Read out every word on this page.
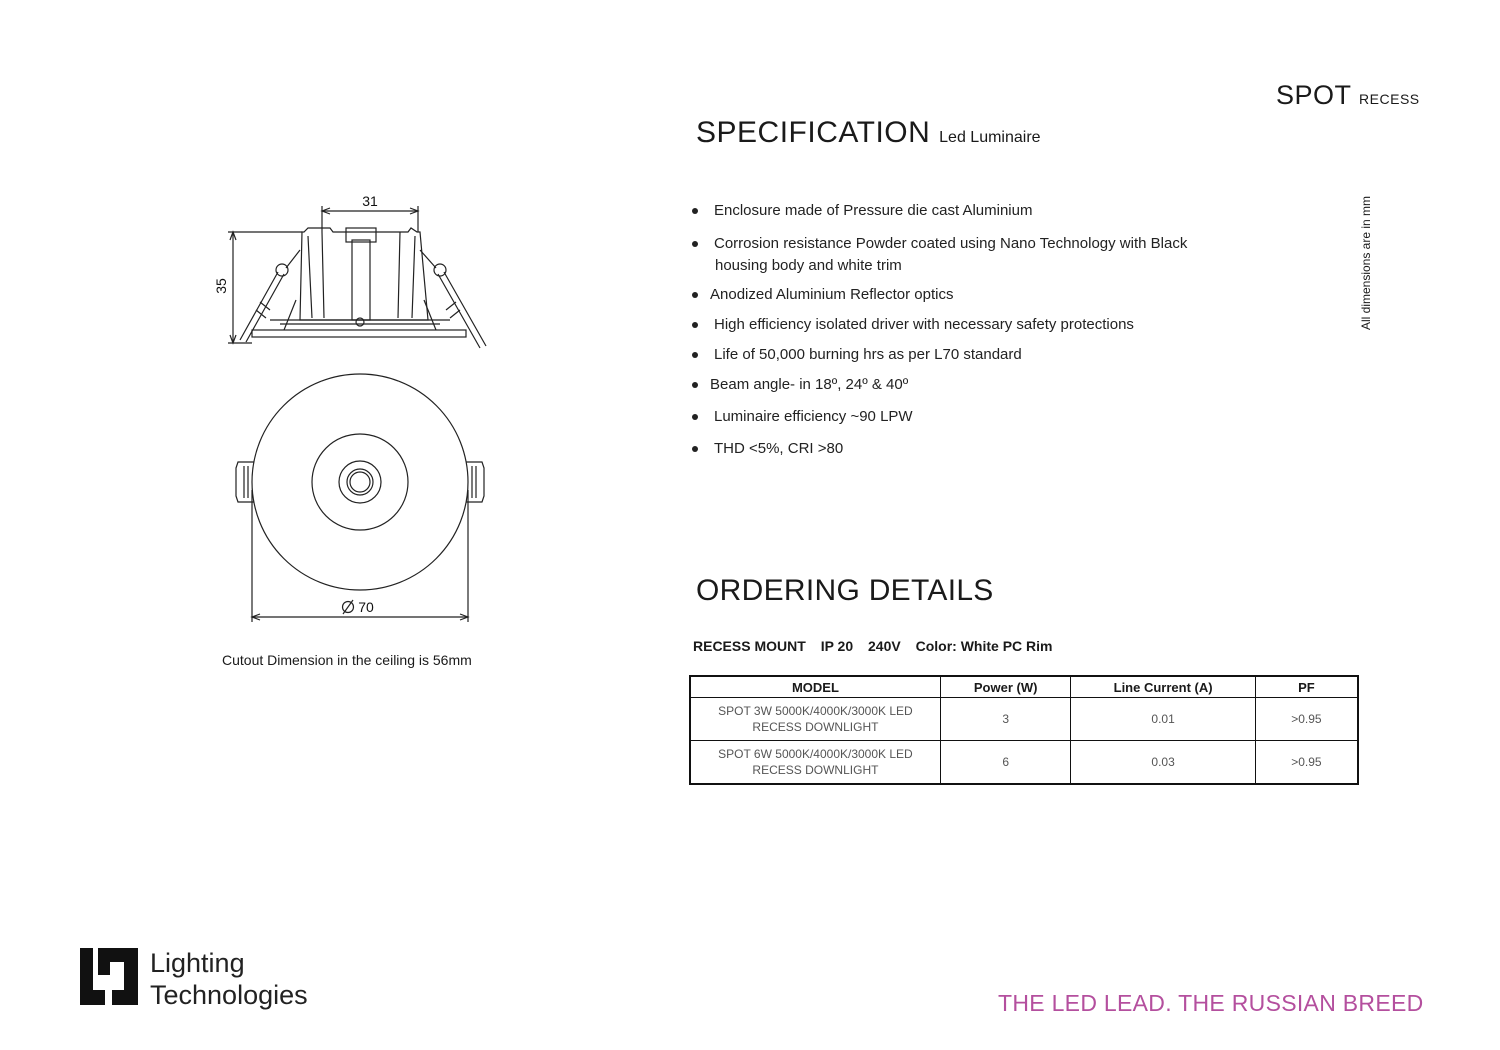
SPOT RECESS
SPECIFICATION Led Luminaire
All dimensions are in mm
Enclosure made of Pressure die cast Aluminium
Corrosion resistance Powder coated using Nano Technology with Black
housing body and white trim
Anodized Aluminium Reflector optics
High efficiency isolated driver with necessary safety protections
Life of 50,000 burning hrs as per L70 standard
Beam angle- in 18º, 24º & 40º
Luminaire efficiency ~90 LPW
THD <5%, CRI >80
31
35
70
Cutout Dimension in the ceiling is 56mm
ORDERING DETAILS
RECESS MOUNT IP 20 240V Color: White PC Rim
MODEL	Power (W)	Line Current (A)	PF

SPOT 3W 5000K/4000K/3000K LED
RECESS DOWNLIGHT	3	0.01	>0.95

SPOT 6W 5000K/4000K/3000K LED
RECESS DOWNLIGHT	6	0.03	>0.95
Lighting
Technologies	THE LED LEAD. THE RUSSIAN BREED
